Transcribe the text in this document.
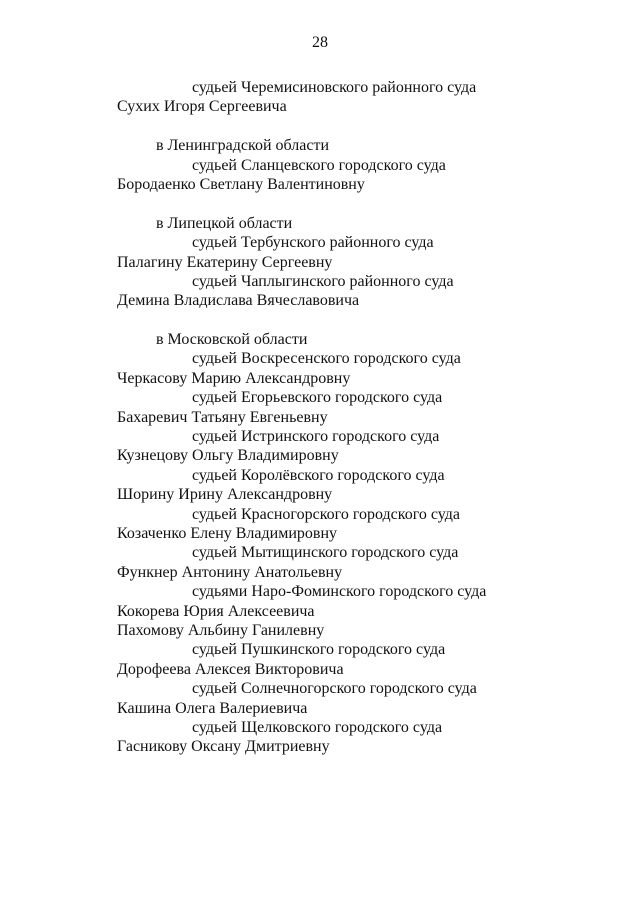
28
судьей Черемисиновского районного суда
Сухих Игоря Сергеевича
в Ленинградской области
судьей Сланцевского городского суда
Бородаенко Светлану Валентиновну
в Липецкой области
судьей Тербунского районного суда
Палагину Екатерину Сергеевну
судьей Чаплыгинского районного суда
Демина Владислава Вячеславовича
в Московской области
судьей Воскресенского городского суда
Черкасову Марию Александровну
судьей Егорьевского городского суда
Бахаревич Татьяну Евгеньевну
судьей Истринского городского суда
Кузнецову Ольгу Владимировну
судьей Королёвского городского суда
Шорину Ирину Александровну
судьей Красногорского городского суда
Козаченко Елену Владимировну
судьей Мытищинского городского суда
Функнер Антонину Анатольевну
судьями Наро-Фоминского городского суда
Кокорева Юрия Алексеевича
Пахомову Альбину Ганилевну
судьей Пушкинского городского суда
Дорофеева Алексея Викторовича
судьей Солнечногорского городского суда
Кашина Олега Валериевича
судьей Щелковского городского суда
Гасникову Оксану Дмитриевну
